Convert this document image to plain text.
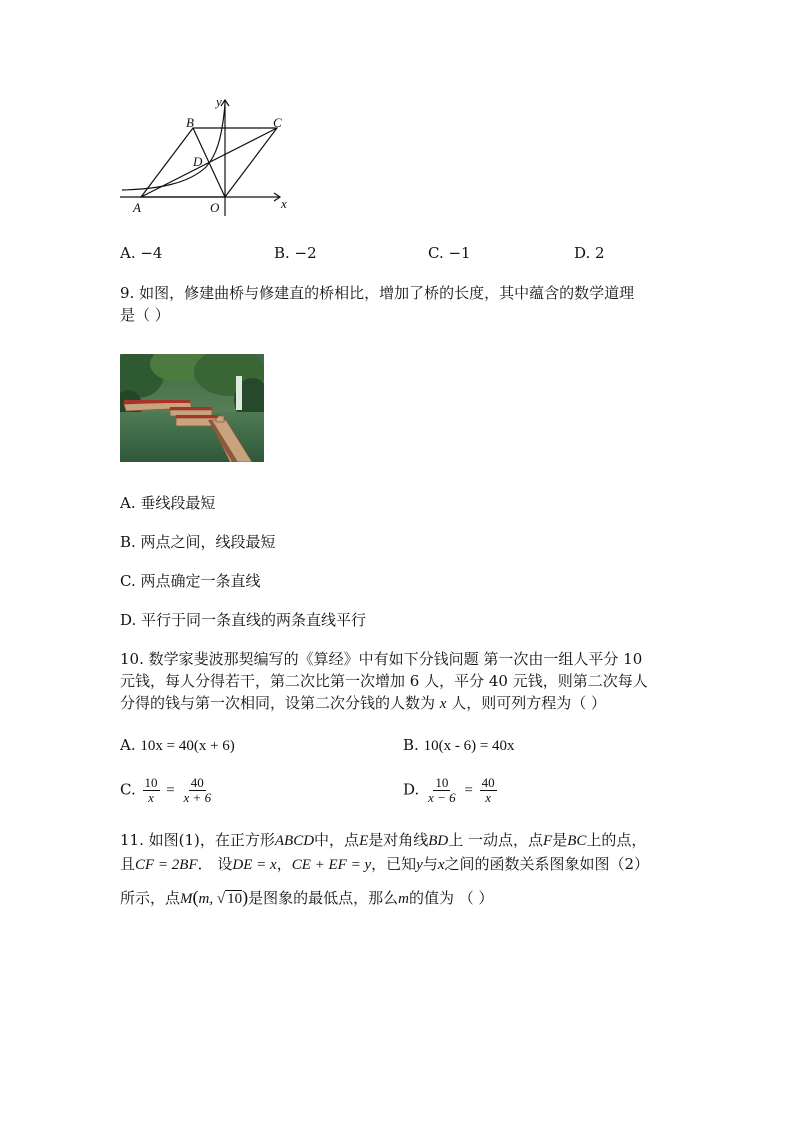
y
x
B	C
D
A	O
A. −4	B. −2	C. −1	D. 2
9. 如图，修建曲桥与修建直的桥相比，增加了桥的长度，其中蕴含的数学道理
是（ ）
A. 垂线段最短
B. 两点之间，线段最短
C. 两点确定一条直线
D. 平行于同一条直线的两条直线平行
10. 数学家斐波那契编写的《算经》中有如下分钱问题 第一次由一组人平分 10
元钱，每人分得若干，第二次比第一次增加 6 人，平分 40 元钱，则第二次每人
分得的钱与第一次相同，设第二次分钱的人数为 x 人，则可列方程为（ ）
A. 10x = 40(x + 6)	B. 10(x - 6) = 40x
C. $\frac{10}{x} = \frac{40}{x + 6}$	D. $\frac{10}{x - 6} = \frac{40}{x}$
11. 如图(1)，在正方形ABCD中，点E是对角线BD上 一动点，点F是BC上的点，
且CF = 2BF． 设DE = x，CE + EF = y，已知y与x之间的函数关系图象如图（2）
所示，点M(m, √ 10)是图象的最低点，那么m的值为 （ ）
